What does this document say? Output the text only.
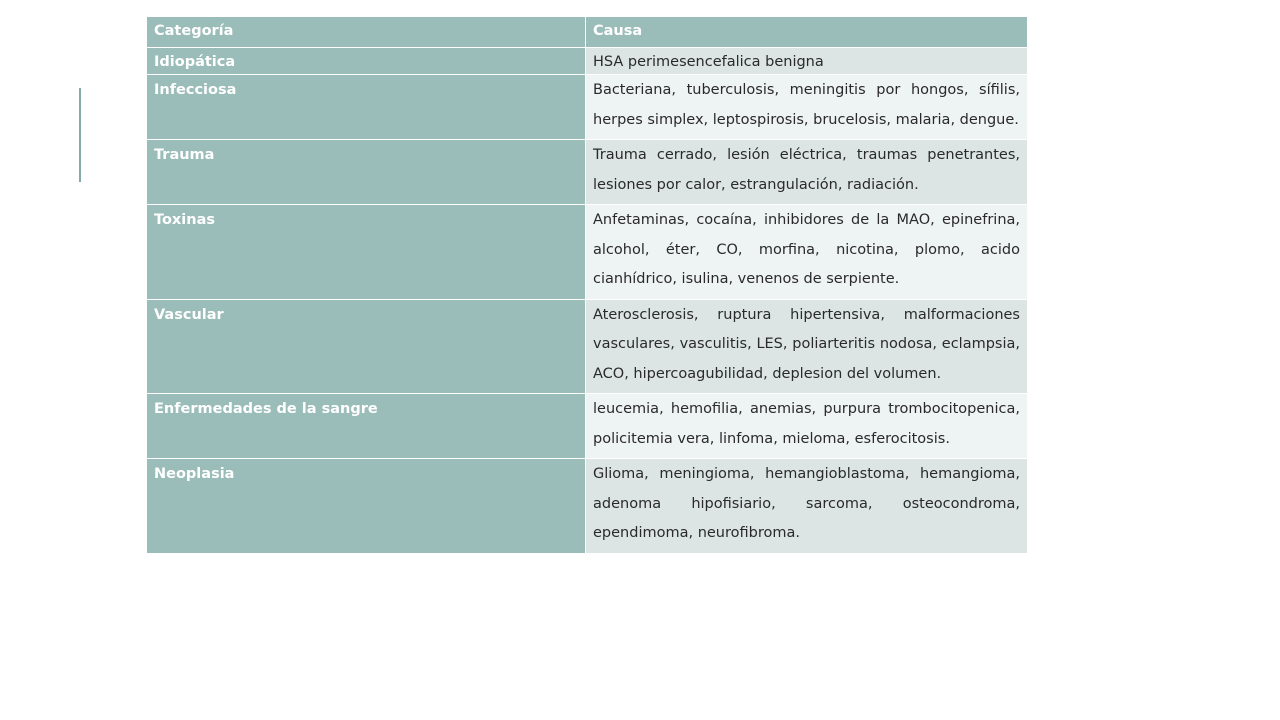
Categoría	Causa
Idiopática	HSA perimesencefalica benigna
Infecciosa	Bacteriana, tuberculosis, meningitis por hongos, sífilis, herpes simplex, leptospirosis, brucelosis, malaria, dengue.
Trauma	Trauma cerrado, lesión eléctrica, traumas penetrantes, lesiones por calor, estrangulación, radiación.
Toxinas	Anfetaminas, cocaína, inhibidores de la MAO, epinefrina, alcohol, éter, CO, morfina, nicotina, plomo, acido cianhídrico, isulina, venenos de serpiente.
Vascular	Aterosclerosis, ruptura hipertensiva, malformaciones vasculares, vasculitis, LES, poliarteritis nodosa, eclampsia, ACO, hipercoagubilidad, deplesion del volumen.
Enfermedades de la sangre	leucemia, hemofilia, anemias, purpura trombocitopenica, policitemia vera, linfoma, mieloma, esferocitosis.
Neoplasia	Glioma, meningioma, hemangioblastoma, hemangioma, adenoma hipofisiario, sarcoma, osteocondroma, ependimoma, neurofibroma.
